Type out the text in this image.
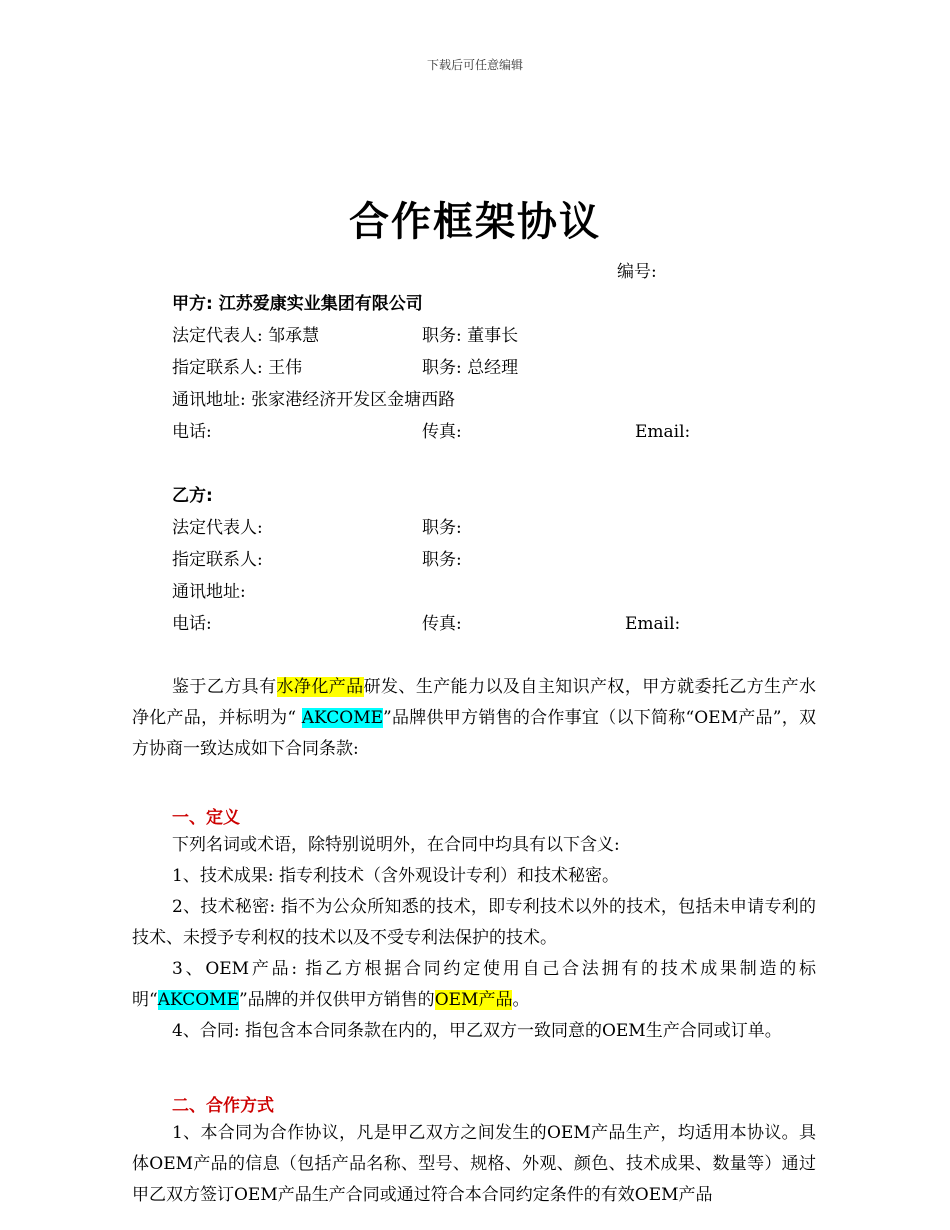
下载后可任意编辑
合作框架协议
编号:
甲方: 江苏爱康实业集团有限公司
法定代表人: 邹承慧	职务: 董事长
指定联系人: 王伟	职务: 总经理
通讯地址: 张家港经济开发区金塘西路
电话:	传真:	Email:
乙方:
法定代表人:	职务:
指定联系人:	职务:
通讯地址:
电话:	传真:	Email:
鉴于乙方具有水净化产品研发、生产能力以及自主知识产权，甲方就委托乙方生产水净化产品，并标明为“ AKCOME”品牌供甲方销售的合作事宜（以下简称“OEM产品”，双方协商一致达成如下合同条款:
一、定义

下列名词或术语，除特别说明外，在合同中均具有以下含义:

1、技术成果: 指专利技术（含外观设计专利）和技术秘密。

2、技术秘密: 指不为公众所知悉的技术，即专利技术以外的技术，包括未申请专利的技术、未授予专利权的技术以及不受专利法保护的技术。

3、OEM产品: 指乙方根据合同约定使用自己合法拥有的技术成果制造的标明“AKCOME”品牌的并仅供甲方销售的OEM产品。

4、合同: 指包含本合同条款在内的，甲乙双方一致同意的OEM生产合同或订单。

二、合作方式

1、本合同为合作协议，凡是甲乙双方之间发生的OEM产品生产，均适用本协议。具体OEM产品的信息（包括产品名称、型号、规格、外观、颜色、技术成果、数量等）通过甲乙双方签订OEM产品生产合同或通过符合本合同约定条件的有效OEM产品
